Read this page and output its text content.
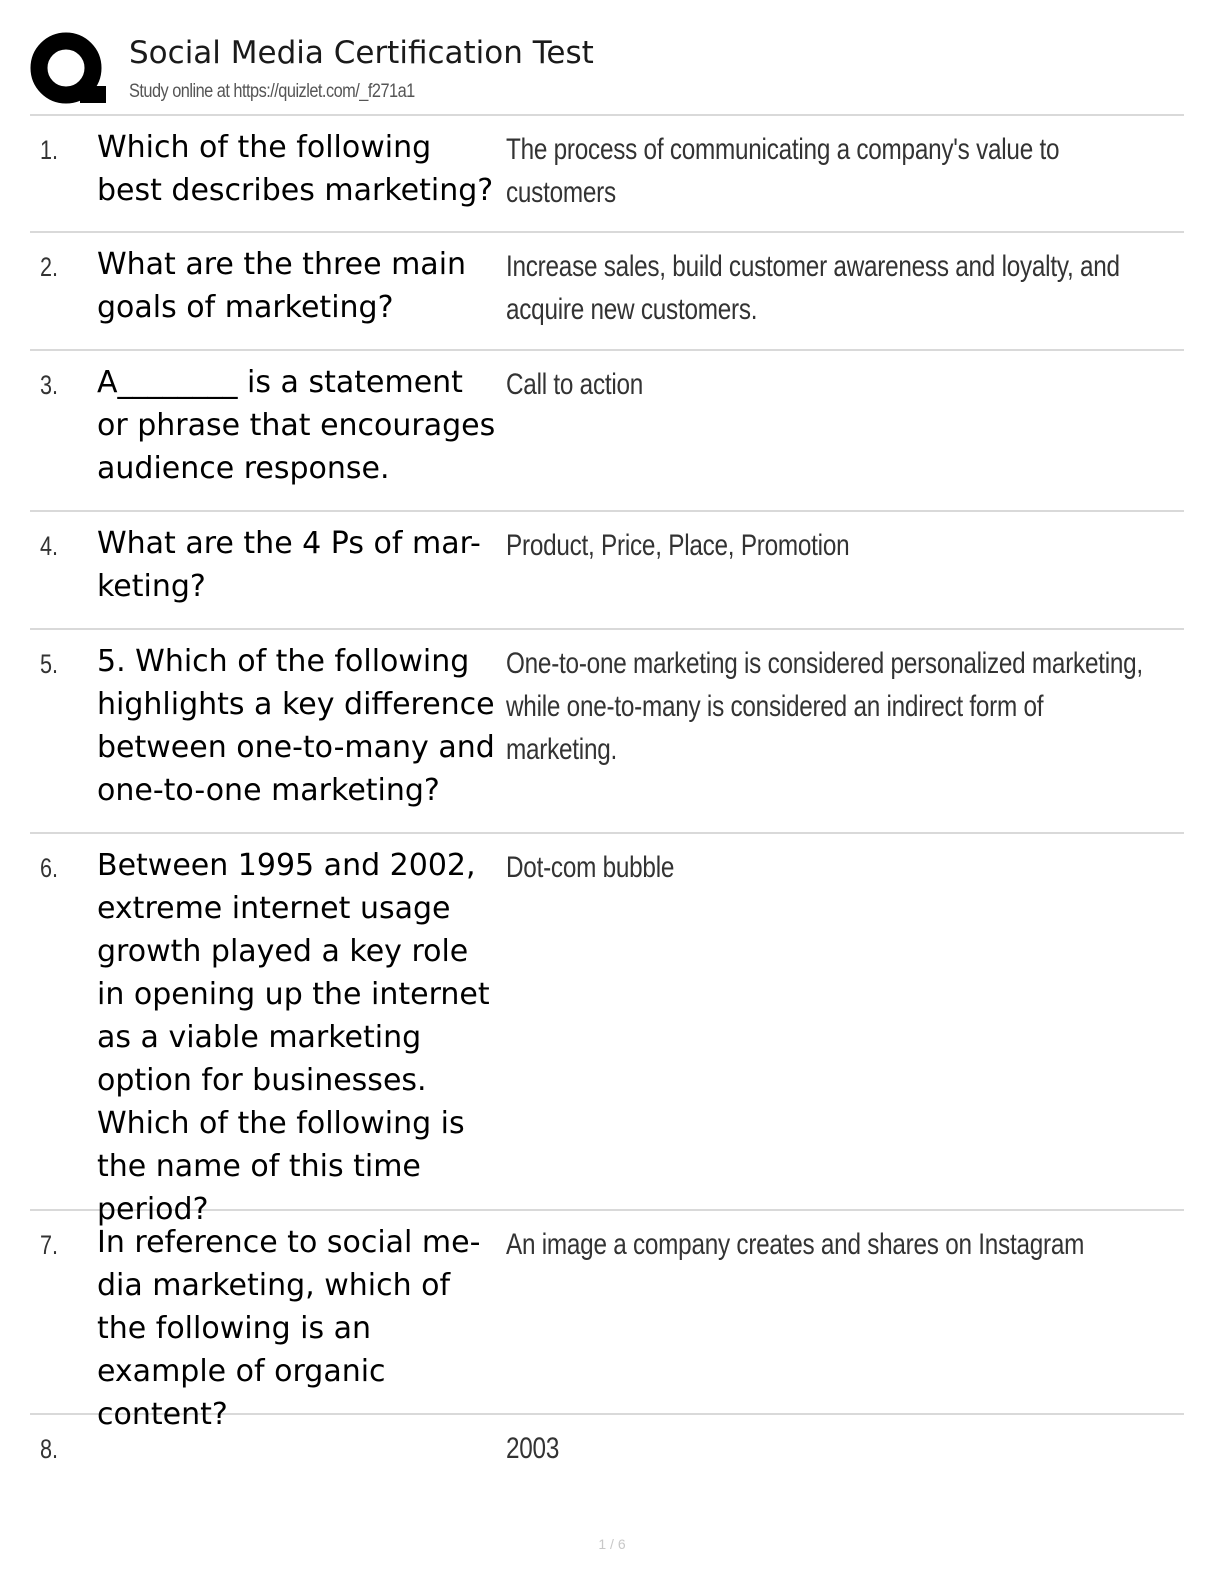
Social Media Certification Test
Study online at https://quizlet.com/_f271a1
1. Which of the following best describes marketing?
The process of communicating a company's value to customers
2. What are the three main goals of marketing?
Increase sales, build customer awareness and loyalty, and acquire new customers.
3. A________ is a statement or phrase that encourages audience response.
Call to action
4. What are the 4 Ps of mar-keting?
Product, Price, Place, Promotion
5. 5. Which of the following highlights a key difference between one-to-many and one-to-one marketing?
One-to-one marketing is considered personalized marketing, while one-to-many is considered an indirect form of marketing.
6. Between 1995 and 2002, extreme internet usage growth played a key role in opening up the internet as a viable marketing option for businesses. Which of the following is the name of this time period?
Dot-com bubble
7. In reference to social me-dia marketing, which of the following is an example of organic content?
An image a company creates and shares on Instagram
8.	2003
1 / 6
